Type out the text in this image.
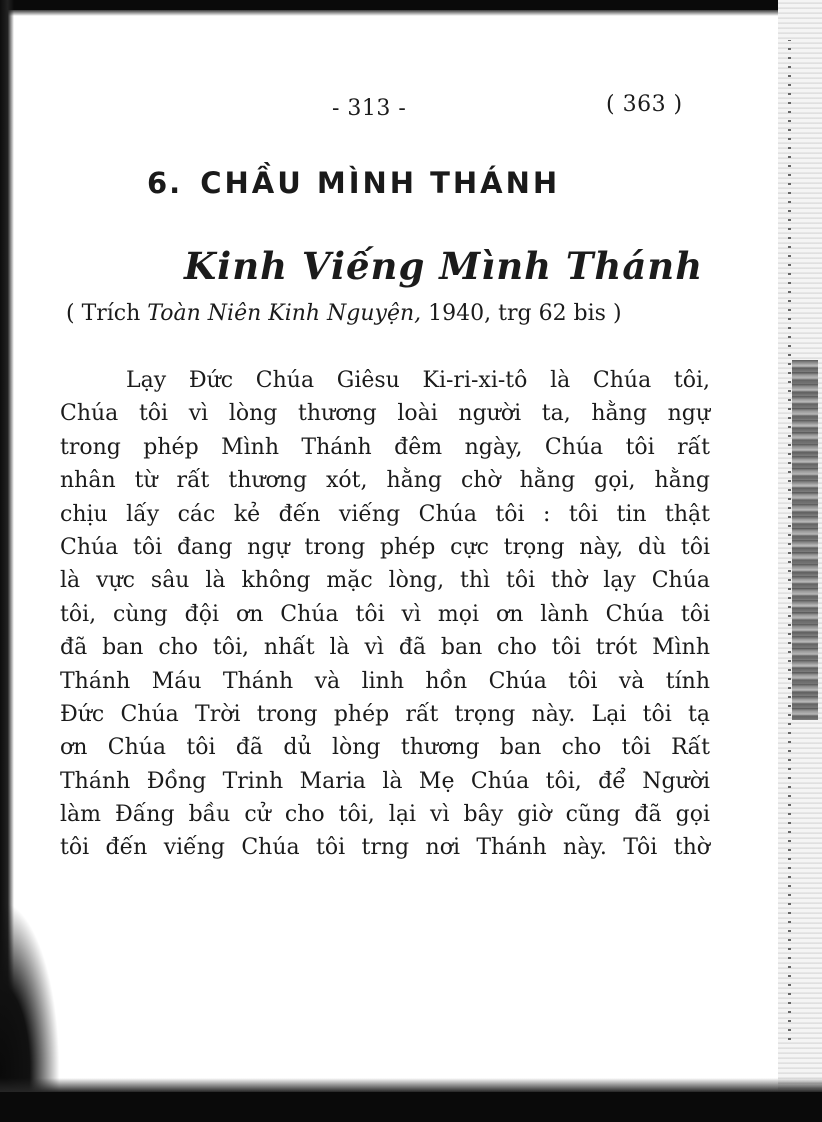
- 313 -	( 363 )
6. CHẦU MÌNH THÁNH
Kinh Viếng Mình Thánh
( Trích Toàn Niên Kinh Nguyện, 1940, trg 62 bis )
Lạy Đức Chúa Giêsu Ki-ri-xi-tô là Chúa tôi,
Chúa tôi vì lòng thương loài người ta, hằng ngự
trong phép Mình Thánh đêm ngày, Chúa tôi rất
nhân từ rất thương xót, hằng chờ hằng gọi, hằng
chịu lấy các kẻ đến viếng Chúa tôi : tôi tin thật
Chúa tôi đang ngự trong phép cực trọng này, dù tôi
là vực sâu là không mặc lòng, thì tôi thờ lạy Chúa
tôi, cùng đội ơn Chúa tôi vì mọi ơn lành Chúa tôi
đã ban cho tôi, nhất là vì đã ban cho tôi trót Mình
Thánh Máu Thánh và linh hồn Chúa tôi và tính
Đức Chúa Trời trong phép rất trọng này. Lại tôi tạ
ơn Chúa tôi đã dủ lòng thương ban cho tôi Rất
Thánh Đồng Trinh Maria là Mẹ Chúa tôi, để Người
làm Đấng bầu cử cho tôi, lại vì bây giờ cũng đã gọi
tôi đến viếng Chúa tôi trng nơi Thánh này. Tôi thờ
